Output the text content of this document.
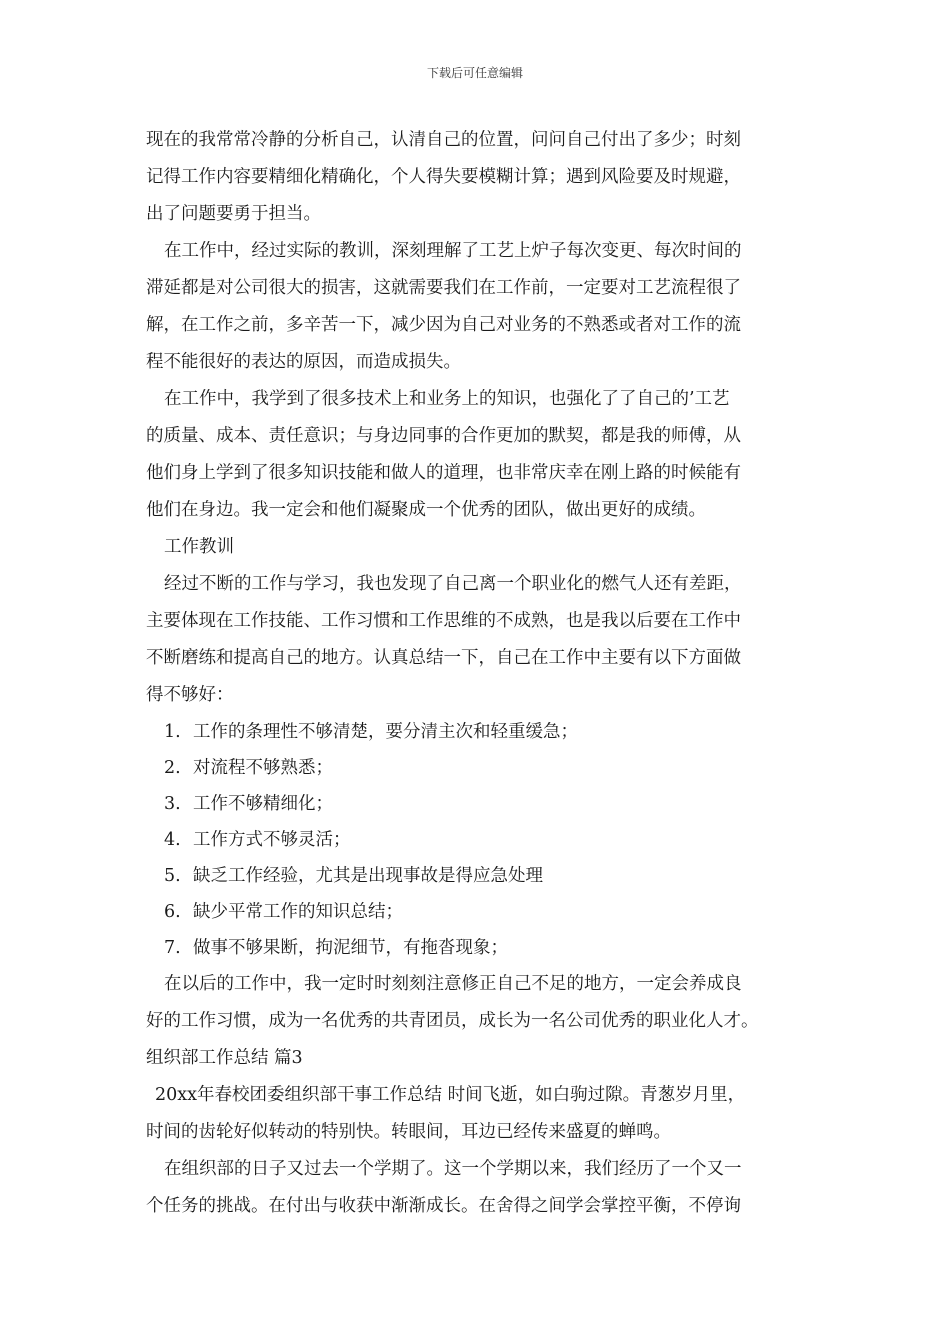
下载后可任意编辑
现在的我常常冷静的分析自己，认清自己的位置，问问自己付出了多少；时刻
记得工作内容要精细化精确化，个人得失要模糊计算；遇到风险要及时规避，
出了问题要勇于担当。
在工作中，经过实际的教训，深刻理解了工艺上炉子每次变更、每次时间的
滞延都是对公司很大的损害，这就需要我们在工作前，一定要对工艺流程很了
解，在工作之前，多辛苦一下，减少因为自己对业务的不熟悉或者对工作的流
程不能很好的表达的原因，而造成损失。
在工作中，我学到了很多技术上和业务上的知识，也强化了了自己的’工艺
的质量、成本、责任意识；与身边同事的合作更加的默契，都是我的师傅，从
他们身上学到了很多知识技能和做人的道理，也非常庆幸在刚上路的时候能有
他们在身边。我一定会和他们凝聚成一个优秀的团队，做出更好的成绩。
工作教训
经过不断的工作与学习，我也发现了自己离一个职业化的燃气人还有差距，
主要体现在工作技能、工作习惯和工作思维的不成熟，也是我以后要在工作中
不断磨练和提高自己的地方。认真总结一下，自己在工作中主要有以下方面做
得不够好：
1. 工作的条理性不够清楚，要分清主次和轻重缓急；
2. 对流程不够熟悉；
3. 工作不够精细化；
4. 工作方式不够灵活；
5. 缺乏工作经验，尤其是出现事故是得应急处理
6. 缺少平常工作的知识总结；
7. 做事不够果断，拘泥细节，有拖沓现象；
在以后的工作中，我一定时时刻刻注意修正自己不足的地方，一定会养成良
好的工作习惯，成为一名优秀的共青团员，成长为一名公司优秀的职业化人才。
组织部工作总结 篇3
20xx年春校团委组织部干事工作总结 时间飞逝，如白驹过隙。青葱岁月里，
时间的齿轮好似转动的特别快。转眼间，耳边已经传来盛夏的蝉鸣。
在组织部的日子又过去一个学期了。这一个学期以来，我们经历了一个又一
个任务的挑战。在付出与收获中渐渐成长。在舍得之间学会掌控平衡，不停询
